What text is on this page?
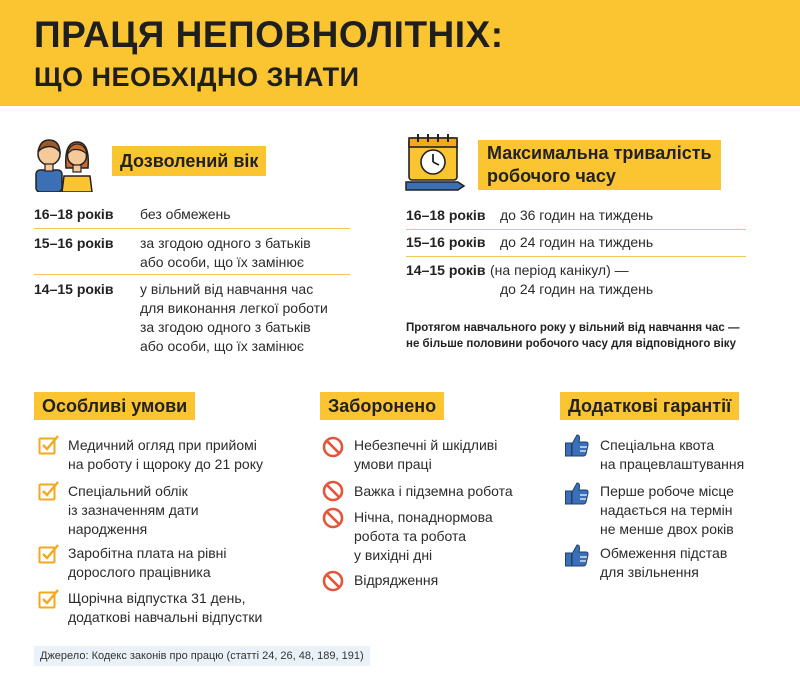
ПРАЦЯ НЕПОВНОЛІТНІХ:
ЩО НЕОБХІДНО ЗНАТИ
Дозволений вік
16–18 років без обмежень
15–16 років за згодою одного з батьків
або особи, що їх замінює
14–15 років у вільний від навчання час
для виконання легкої роботи
за згодою одного з батьків
або особи, що їх замінює
Максимальна тривалість
робочого часу
16–18 років до 36 годин на тиждень
15–16 років до 24 годин на тиждень
14–15 років (на період канікул) —
до 24 годин на тиждень
Протягом навчального року у вільний від навчання час —
не більше половини робочого часу для відповідного віку
Особливі умови
Медичний огляд при прийомі
на роботу і щороку до 21 року
Спеціальний облік
із зазначенням дати
народження
Заробітна плата на рівні
дорослого працівника
Щорічна відпустка 31 день,
додаткові навчальні відпустки
Заборонено
Небезпечні й шкідливі
умови праці
Важка і підземна робота
Нічна, понаднормова
робота та робота
у вихідні дні
Відрядження
Додаткові гарантії
Спеціальна квота
на працевлаштування
Перше робоче місце
надається на термін
не менше двох років
Обмеження підстав
для звільнення
Джерело: Кодекс законів про працю (статті 24, 26, 48, 189, 191)
